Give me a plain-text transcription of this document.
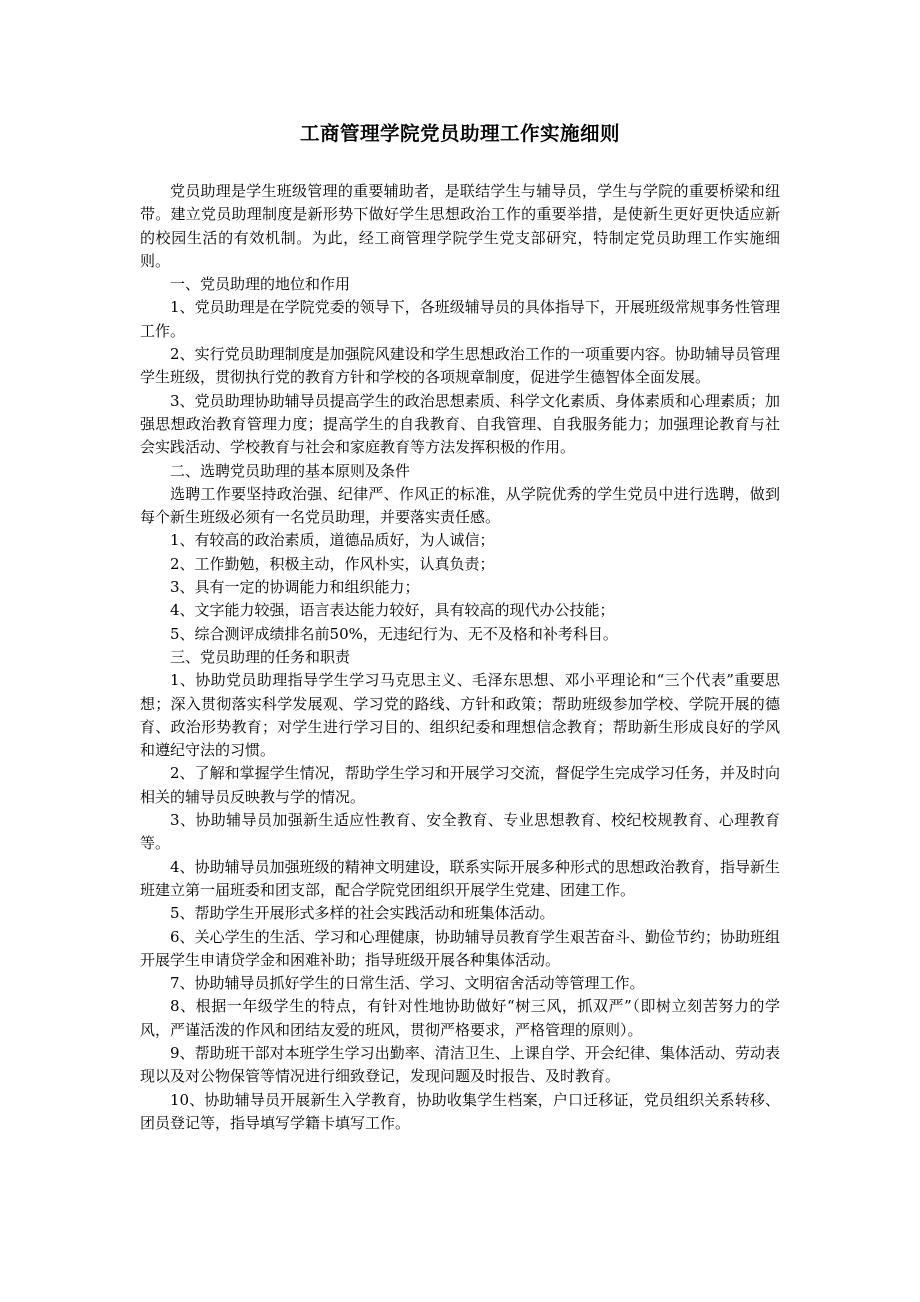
工商管理学院党员助理工作实施细则

党员助理是学生班级管理的重要辅助者，是联结学生与辅导员，学生与学院的重要桥梁和纽带。建立党员助理制度是新形势下做好学生思想政治工作的重要举措，是使新生更好更快适应新的校园生活的有效机制。为此，经工商管理学院学生党支部研究，特制定党员助理工作实施细则。

一、党员助理的地位和作用

1、党员助理是在学院党委的领导下，各班级辅导员的具体指导下，开展班级常规事务性管理工作。

2、实行党员助理制度是加强院风建设和学生思想政治工作的一项重要内容。协助辅导员管理学生班级，贯彻执行党的教育方针和学校的各项规章制度，促进学生德智体全面发展。

3、党员助理协助辅导员提高学生的政治思想素质、科学文化素质、身体素质和心理素质；加强思想政治教育管理力度；提高学生的自我教育、自我管理、自我服务能力；加强理论教育与社会实践活动、学校教育与社会和家庭教育等方法发挥积极的作用。

二、选聘党员助理的基本原则及条件

选聘工作要坚持政治强、纪律严、作风正的标准，从学院优秀的学生党员中进行选聘，做到每个新生班级必须有一名党员助理，并要落实责任感。

1、有较高的政治素质，道德品质好，为人诚信；

2、工作勤勉，积极主动，作风朴实，认真负责；

3、具有一定的协调能力和组织能力；

4、文字能力较强，语言表达能力较好，具有较高的现代办公技能；

5、综合测评成绩排名前50%，无违纪行为、无不及格和补考科目。

三、党员助理的任务和职责

1、协助党员助理指导学生学习马克思主义、毛泽东思想、邓小平理论和“三个代表”重要思想；深入贯彻落实科学发展观、学习党的路线、方针和政策；帮助班级参加学校、学院开展的德育、政治形势教育；对学生进行学习目的、组织纪委和理想信念教育；帮助新生形成良好的学风和遵纪守法的习惯。

2、了解和掌握学生情况，帮助学生学习和开展学习交流，督促学生完成学习任务，并及时向相关的辅导员反映教与学的情况。

3、协助辅导员加强新生适应性教育、安全教育、专业思想教育、校纪校规教育、心理教育等。

4、协助辅导员加强班级的精神文明建设，联系实际开展多种形式的思想政治教育，指导新生班建立第一届班委和团支部，配合学院党团组织开展学生党建、团建工作。

5、帮助学生开展形式多样的社会实践活动和班集体活动。

6、关心学生的生活、学习和心理健康，协助辅导员教育学生艰苦奋斗、勤俭节约；协助班组开展学生申请贷学金和困难补助；指导班级开展各种集体活动。

7、协助辅导员抓好学生的日常生活、学习、文明宿舍活动等管理工作。

8、根据一年级学生的特点，有针对性地协助做好“树三风，抓双严”（即树立刻苦努力的学风，严谨活泼的作风和团结友爱的班风，贯彻严格要求，严格管理的原则）。

9、帮助班干部对本班学生学习出勤率、清洁卫生、上课自学、开会纪律、集体活动、劳动表现以及对公物保管等情况进行细致登记，发现问题及时报告、及时教育。

10、协助辅导员开展新生入学教育，协助收集学生档案，户口迁移证，党员组织关系转移、团员登记等，指导填写学籍卡填写工作。
